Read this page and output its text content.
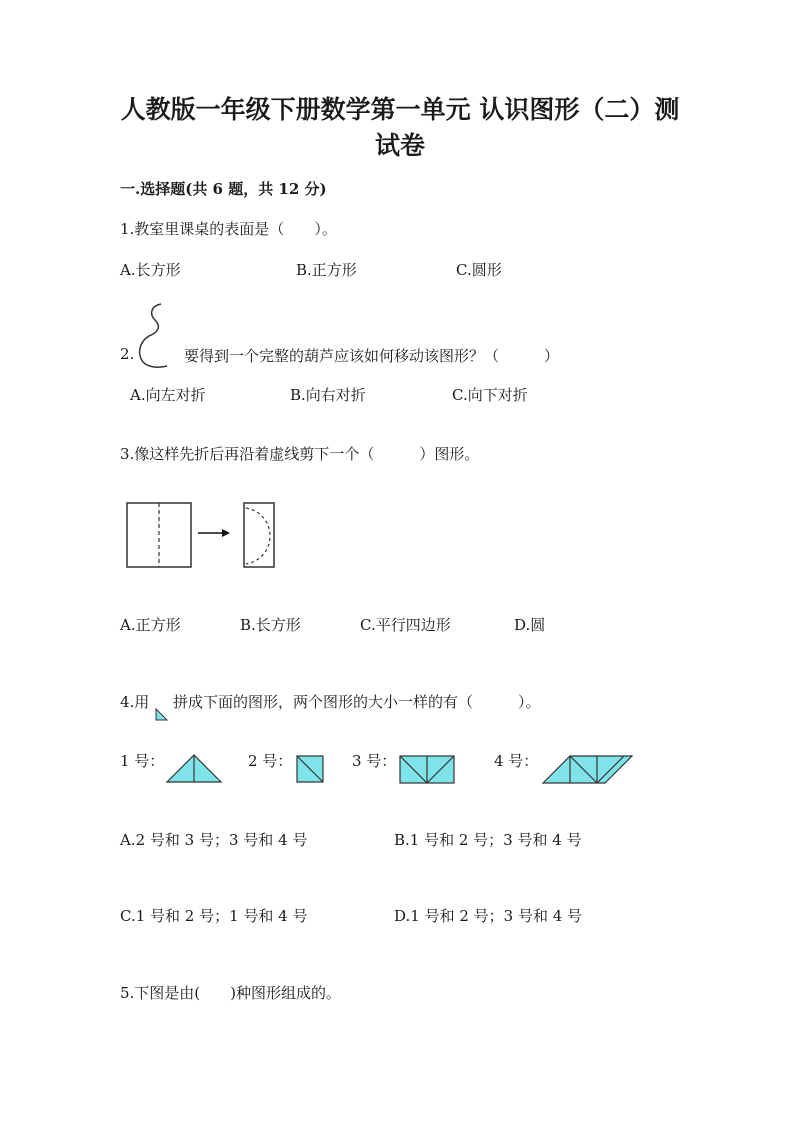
人教版一年级下册数学第一单元 认识图形（二）测
试卷
一.选择题(共 6 题，共 12 分)
1.教室里课桌的表面是（　　）。
A.长方形	B.正方形	C.圆形
2.	要得到一个完整的葫芦应该如何移动该图形？（　　　）
A.向左对折	B.向右对折	C.向下对折
3.像这样先折后再沿着虚线剪下一个（　　　）图形。
A.正方形	B.长方形	C.平行四边形	D.圆
4.用 拼成下面的图形，两个图形的大小一样的有（　　　）。
1 号：	2 号：	3 号：	4 号：
A.2 号和 3 号；3 号和 4 号	B.1 号和 2 号；3 号和 4 号
C.1 号和 2 号；1 号和 4 号	D.1 号和 2 号；3 号和 4 号
5.下图是由(　　)种图形组成的。
